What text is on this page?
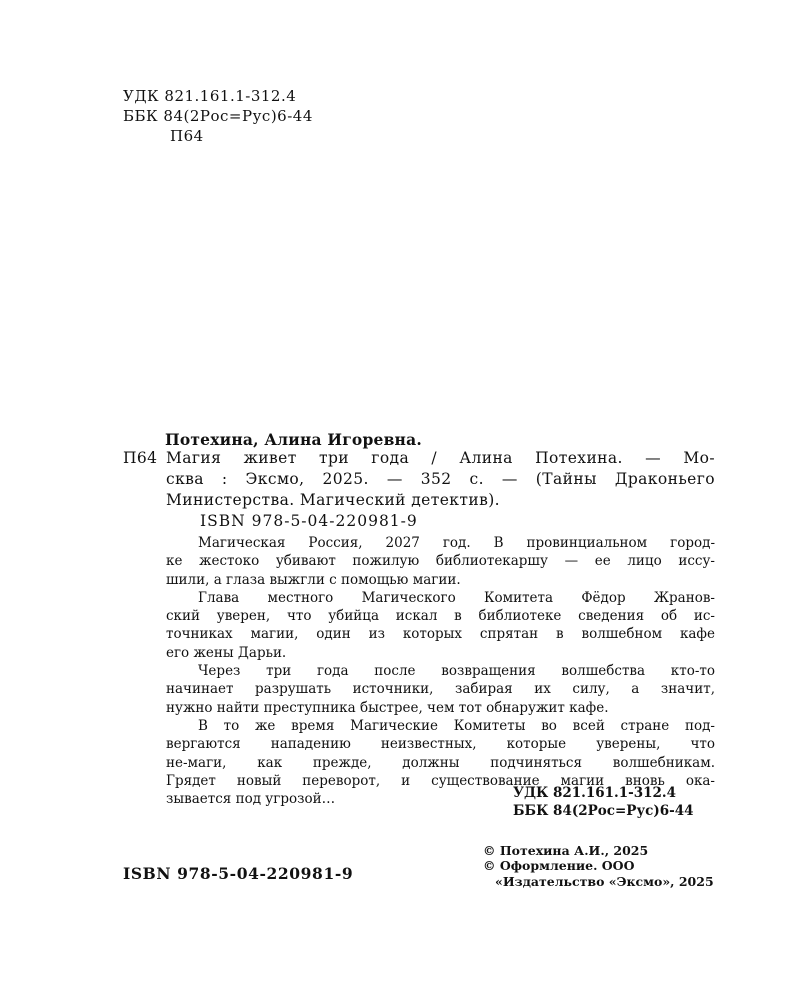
УДК 821.161.1-312.4
ББК 84(2Рос=Рус)6-44
П64
Потехина, Алина Игоревна.
П64 Магия живет три года / Алина Потехина. — Мо-
сква : Эксмо, 2025. — 352 с. — (Тайны Драконьего
Министерства. Магический детектив).
ISBN 978-5-04-220981-9
Магическая Россия, 2027 год. В провинциальном город-
ке жестоко убивают пожилую библиотекаршу — ее лицо иссу-
шили, а глаза выжгли с помощью магии.
Глава местного Магического Комитета Фёдор Жранов-
ский уверен, что убийца искал в библиотеке сведения об ис-
точниках магии, один из которых спрятан в волшебном кафе
его жены Дарьи.
Через три года после возвращения волшебства кто-то
начинает разрушать источники, забирая их силу, а значит,
нужно найти преступника быстрее, чем тот обнаружит кафе.
В то же время Магические Комитеты во всей стране под-
вергаются нападению неизвестных, которые уверены, что
не-маги, как прежде, должны подчиняться волшебникам.
Грядет новый переворот, и существование магии вновь ока-
зывается под угрозой…	УДК 821.161.1-312.4
ББК 84(2Рос=Рус)6-44
ISBN 978-5-04-220981-9
© Потехина А.И., 2025
© Оформление. ООО
«Издательство «Эксмо», 2025
